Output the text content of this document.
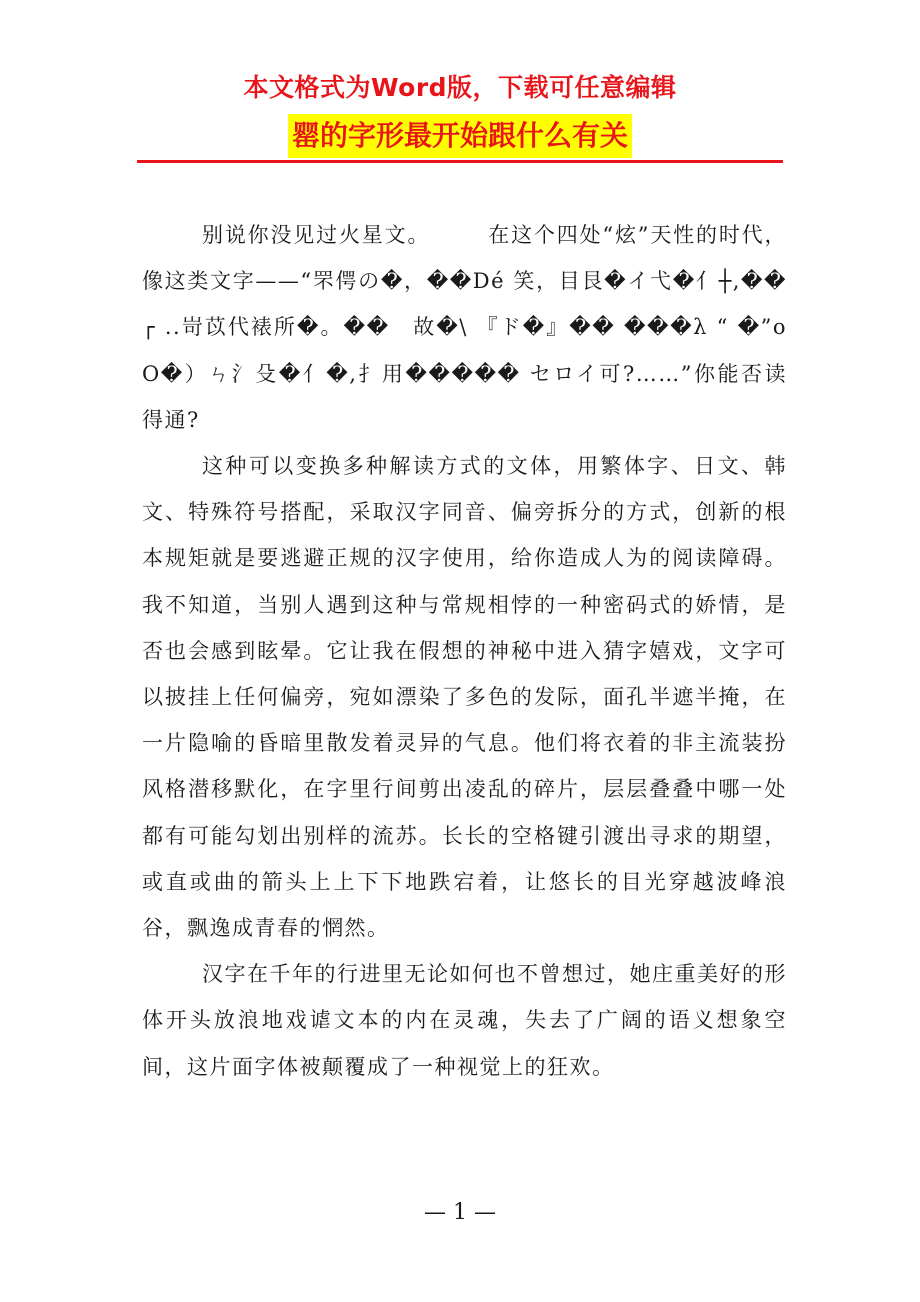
本文格式为Word版，下载可任意编辑
罂的字形最开始跟什么有关

别说你没见过火星文。　　　在这个四处“炫”天性的时代，像这类文字——“罘偔の�，��Dé 笑，目艮�イ弋�亻┼,�� ┌ ..岢苡代裱所�。��　故�\ 『ド�』�� ���λ “ �”oO�）ㄣ氵殳�亻�,扌用����� セロイ可?……”你能否读得通?

这种可以变换多种解读方式的文体，用繁体字、日文、韩文、特殊符号搭配，采取汉字同音、偏旁拆分的方式，创新的根本规矩就是要逃避正规的汉字使用，给你造成人为的阅读障碍。我不知道，当别人遇到这种与常规相悖的一种密码式的娇情，是否也会感到眩晕。它让我在假想的神秘中进入猜字嬉戏，文字可以披挂上任何偏旁，宛如漂染了多色的发际，面孔半遮半掩，在一片隐喻的昏暗里散发着灵异的气息。他们将衣着的非主流装扮风格潜移默化，在字里行间剪出凌乱的碎片，层层叠叠中哪一处都有可能勾划出别样的流苏。长长的空格键引渡出寻求的期望，或直或曲的箭头上上下下地跌宕着，让悠长的目光穿越波峰浪谷，飘逸成青春的惘然。

汉字在千年的行进里无论如何也不曾想过，她庄重美好的形体开头放浪地戏谑文本的内在灵魂，失去了广阔的语义想象空间，这片面字体被颠覆成了一种视觉上的狂欢。

— 1 —
